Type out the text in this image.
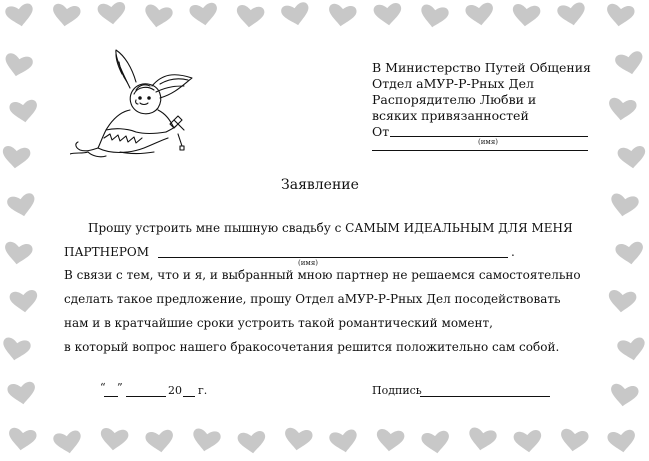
В Министерство Путей Общения
Отдел аМУР-Р-Рных Дел
Распорядителю Любви и
всяких привязанностей
От
(имя)
Заявление
Прошу устроить мне пышную свадьбу с САМЫМ ИДЕАЛЬНЫМ ДЛЯ МЕНЯ
ПАРТНЕРОМ	.
(имя)
В связи с тем, что и я, и выбранный мною партнер не решаемся самостоятельно
сделать такое предложение, прошу Отдел аМУР-Р-Рных Дел посодействовать
нам и в кратчайшие сроки устроить такой романтический момент,
в который вопрос нашего бракосочетания решится положительно сам собой.
“ ”	20 г.	Подпись
